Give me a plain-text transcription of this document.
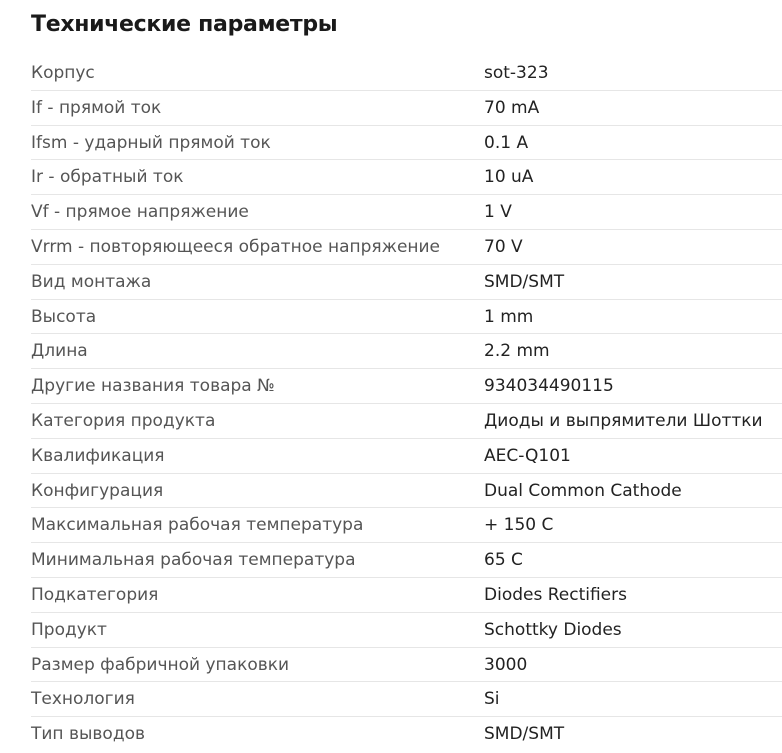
Технические параметры
Корпус	sot-323
If - прямой ток	70 mA
Ifsm - ударный прямой ток	0.1 A
Ir - обратный ток	10 uA
Vf - прямое напряжение	1 V
Vrrm - повторяющееся обратное напряжение	70 V
Вид монтажа	SMD/SMT
Высота	1 mm
Длина	2.2 mm
Другие названия товара №	934034490115
Категория продукта	Диоды и выпрямители Шоттки
Квалификация	AEC-Q101
Конфигурация	Dual Common Cathode
Максимальная рабочая температура	+ 150 C
Минимальная рабочая температура	65 C
Подкатегория	Diodes Rectifiers
Продукт	Schottky Diodes
Размер фабричной упаковки	3000
Технология	Si
Тип выводов	SMD/SMT
